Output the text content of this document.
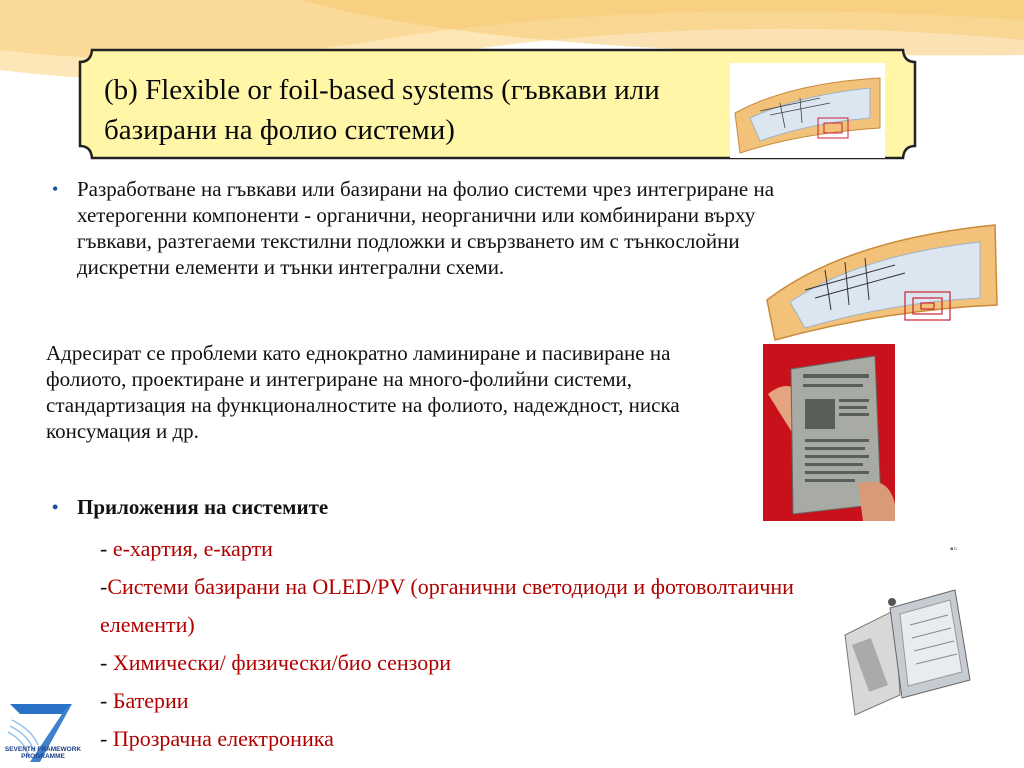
(b) Flexible or foil-based systems (гъвкави или базирани на фолио системи)
• Разработване на гъвкави или базирани на фолио системи чрез интегриране на хетерогенни компоненти - органични, неорганични или комбинирани върху гъвкави, разтегаеми текстилни подложки и свързването им с тънкослойни дискретни елементи и тънки интегрални схеми.
Адресират се проблеми като еднократно ламиниране и пасивиране на фолиото, проектиране и интегриране на много-фолийни системи, стандартизация на функционалностите на фолиото, надеждност, ниска консумация и др.
• Приложения на системите
- е-хартия, е-карти
-Системи базирани на OLED/PV (органични светодиоди и фотоволтаични елементи)
- Химически/ физически/био сензори
- Батерии
- Прозрачна електроника
▪▫
SEVENTH FRAMEWORK PROGRAMME
